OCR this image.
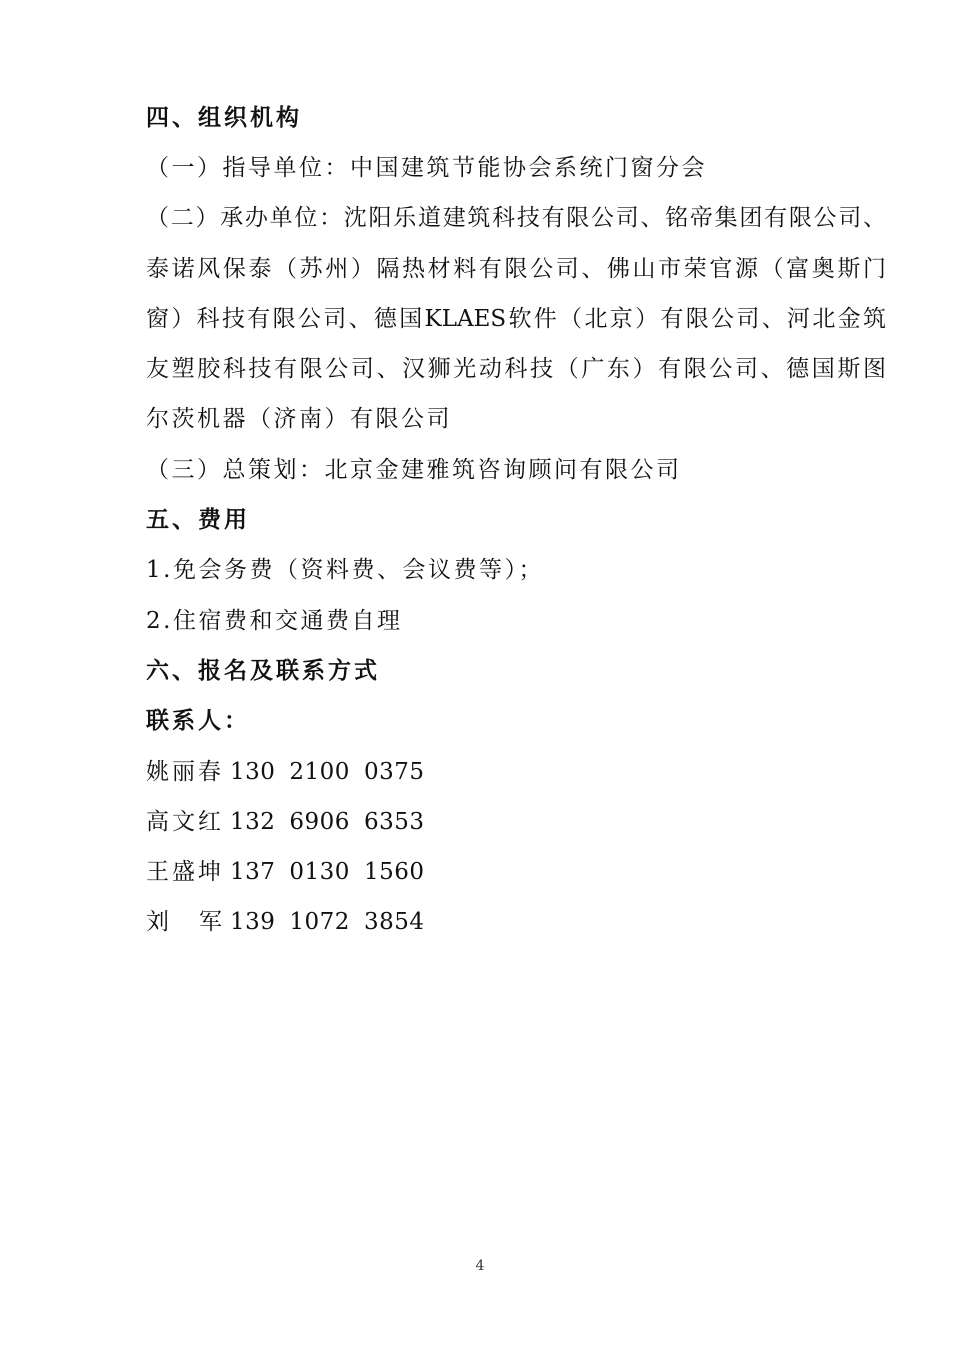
四、组织机构
（一）指导单位：中国建筑节能协会系统门窗分会
（二）承办单位：沈阳乐道建筑科技有限公司、铭帝集团有限公司、
泰诺风保泰（苏州）隔热材料有限公司、佛山市荣官源（富奥斯门
窗）科技有限公司、德国KLAES软件（北京）有限公司、河北金筑
友塑胶科技有限公司、汉狮光动科技（广东）有限公司、德国斯图
尔茨机器（济南）有限公司
（三）总策划：北京金建雅筑咨询顾问有限公司
五、费用
1.免会务费（资料费、会议费等）；
2.住宿费和交通费自理
六、报名及联系方式
联系人：
姚丽春 130 2100 0375
高文红 132 6906 6353
王盛坤 137 0130 1560
刘军 139 1072 3854
4
